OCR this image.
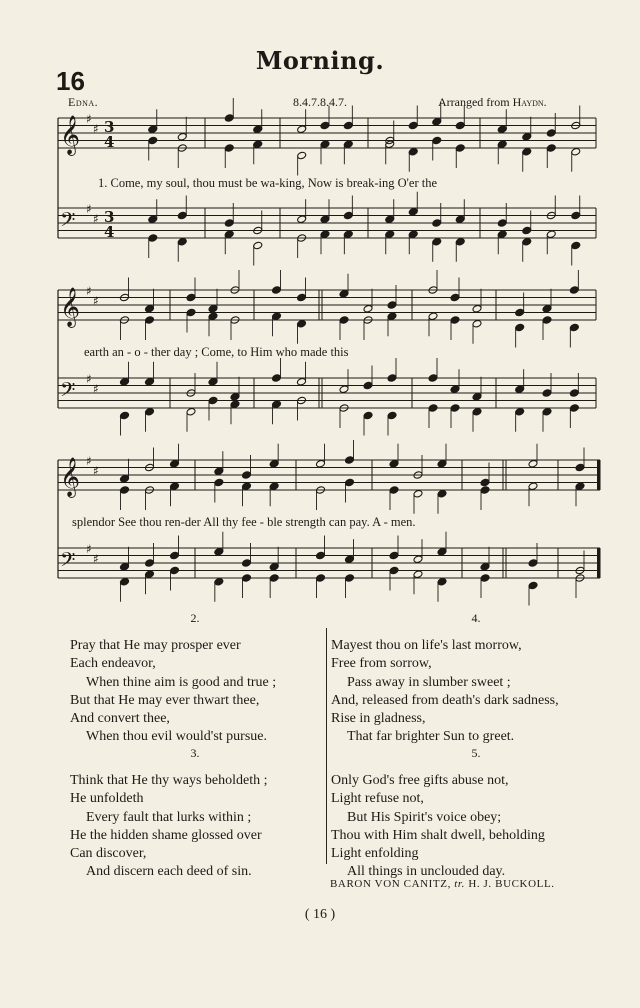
Morning.
16
Edna.	8.4.7.8.4.7.	Arranged from Haydn.
𝄞 ♯
♯ 3
4
𝄢 ♯
♯ 3
4
𝄞 ♯
♯
𝄢 ♯
♯
𝄞 ♯
♯
𝄢 ♯
♯
1. Come, my soul, thou must be wa-king, Now is break-ing O'er the
earth an - o - ther day ; Come, to Him who made this
splendor See thou ren-der All thy fee - ble strength can pay. A - men.
2.
Pray that He may prosper ever
Each endeavor,
When thine aim is good and true ;
But that He may ever thwart thee,
And convert thee,
When thou evil would'st pursue.
3.
Think that He thy ways beholdeth ;
He unfoldeth
Every fault that lurks within ;
He the hidden shame glossed over
Can discover,
And discern each deed of sin.
4.
Mayest thou on life's last morrow,
Free from sorrow,
Pass away in slumber sweet ;
And, released from death's dark sadness,
Rise in gladness,
That far brighter Sun to greet.
5.
Only God's free gifts abuse not,
Light refuse not,
But His Spirit's voice obey;
Thou with Him shalt dwell, beholding
Light enfolding
All things in unclouded day.
BARON VON CANITZ, tr. H. J. BUCKOLL.
( 16 )
